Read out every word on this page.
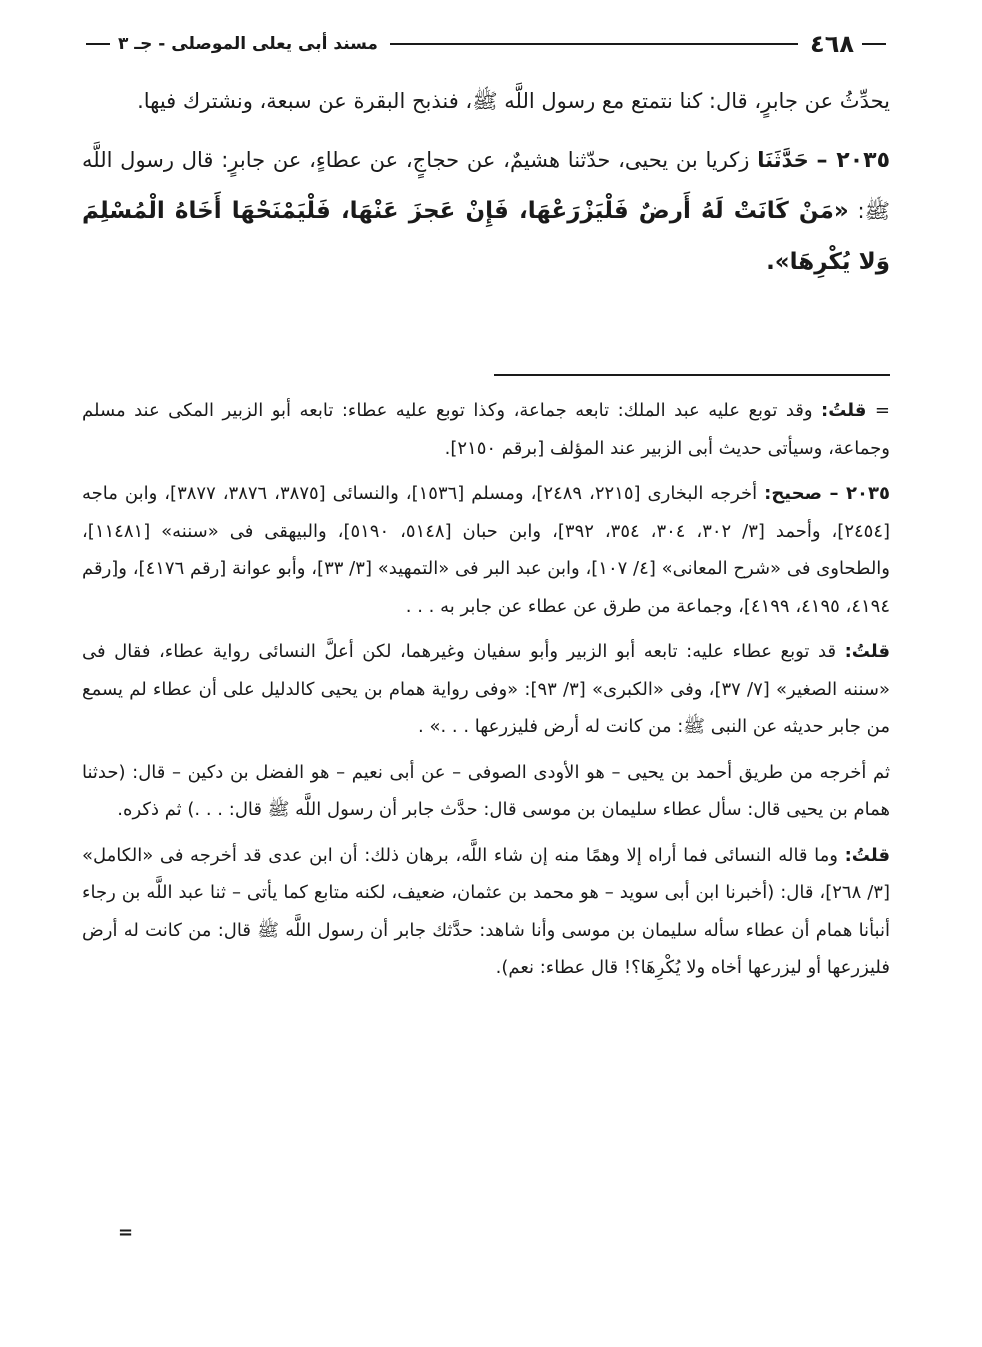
٤٦٨
مسند أبى يعلى الموصلى - جـ ٣

يحدِّثُ عن جابرٍ، قال: كنا نتمتع مع رسول اللَّه ﷺ، فنذبح البقرة عن سبعة، ونشترك فيها.

٢٠٣٥ – حَدَّثَنَا زكريا بن يحيى، حدّثنا هشيمٌ، عن حجاجٍ، عن عطاءٍ، عن جابرٍ: قال رسول اللَّه ﷺ: «مَنْ كَانَتْ لَهُ أَرضٌ فَلْيَزْرَعْهَا، فَإِنْ عَجزَ عَنْهَا، فَلْيَمْنَحْهَا أَخَاهُ الْمُسْلِمَ وَلا يُكْرِهَا».

= قلتُ: وقد توبع عليه عبد الملك: تابعه جماعة، وكذا توبع عليه عطاء: تابعه أبو الزبير المكى عند مسلم وجماعة، وسيأتى حديث أبى الزبير عند المؤلف [برقم ٢١٥٠].

٢٠٣٥ – صحيح: أخرجه البخارى [٢٢١٥، ٢٤٨٩]، ومسلم [١٥٣٦]، والنسائى [٣٨٧٥، ٣٨٧٦، ٣٨٧٧]، وابن ماجه [٢٤٥٤]، وأحمد [٣/ ٣٠٢، ٣٠٤، ٣٥٤، ٣٩٢]، وابن حبان [٥١٤٨، ٥١٩٠]، والبيهقى فى «سننه» [١١٤٨١]، والطحاوى فى «شرح المعانى» [٤/ ١٠٧]، وابن عبد البر فى «التمهيد» [٣/ ٣٣]، وأبو عوانة [رقم ٤١٧٦]، و[رقم ٤١٩٤، ٤١٩٥، ٤١٩٩]، وجماعة من طرق عن عطاء عن جابر به . . .

قلتُ: قد توبع عطاء عليه: تابعه أبو الزبير وأبو سفيان وغيرهما، لكن أعلَّ النسائى رواية عطاء، فقال فى «سننه الصغير» [٧/ ٣٧]، وفى «الكبرى» [٣/ ٩٣]: «وفى رواية همام بن يحيى كالدليل على أن عطاء لم يسمع من جابر حديثه عن النبى ﷺ: من كانت له أرض فليزرعها . . .» .

ثم أخرجه من طريق أحمد بن يحيى – هو الأودى الصوفى – عن أبى نعيم – هو الفضل بن دكين – قال: (حدثنا همام بن يحيى قال: سأل عطاء سليمان بن موسى قال: حدَّث جابر أن رسول اللَّه ﷺ قال: . . .) ثم ذكره.

قلتُ: وما قاله النسائى فما أراه إلا وهمًا منه إن شاء اللَّه، برهان ذلك: أن ابن عدى قد أخرجه فى «الكامل» [٣/ ٢٦٨]، قال: (أخبرنا ابن أبى سويد – هو محمد بن عثمان، ضعيف، لكنه متابع كما يأتى – ثنا عبد اللَّه بن رجاء أنبأنا همام أن عطاء سأله سليمان بن موسى وأنا شاهد: حدَّثك جابر أن رسول اللَّه ﷺ قال: من كانت له أرض فليزرعها أو ليزرعها أخاه ولا يُكْرِهَا؟! قال عطاء: نعم).

=
